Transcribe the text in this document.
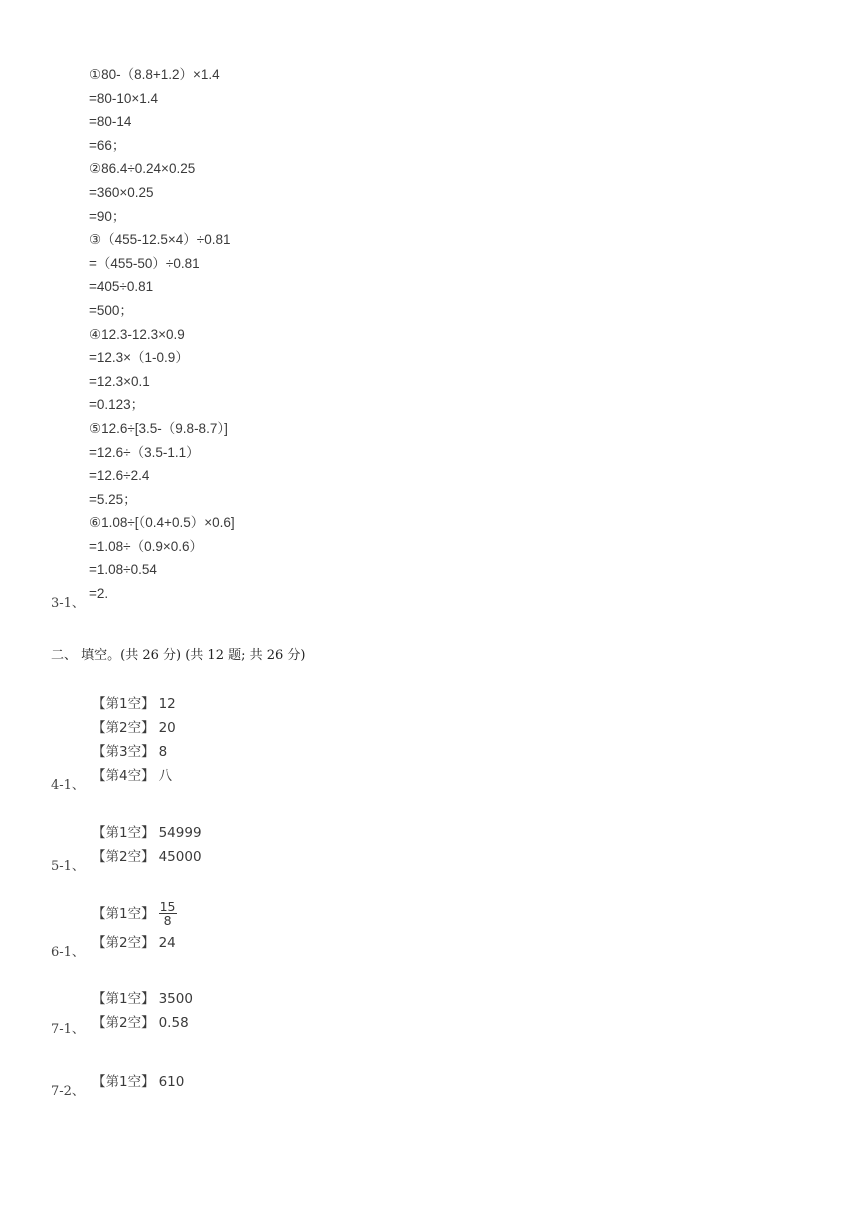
①80-（8.8+1.2）×1.4
=80-10×1.4
=80-14
=66；
②86.4÷0.24×0.25
=360×0.25
=90；
③（455-12.5×4）÷0.81
=（455-50）÷0.81
=405÷0.81
=500；
④12.3-12.3×0.9
=12.3×（1-0.9）
=12.3×0.1
=0.123；
⑤12.6÷[3.5-（9.8-8.7）]
=12.6÷（3.5-1.1）
=12.6÷2.4
=5.25；
⑥1.08÷[（0.4+0.5）×0.6]
=1.08÷（0.9×0.6）
=1.08÷0.54
=2.
3-1、
二、 填空。(共 26 分) (共 12 题; 共 26 分)
【第1空】 12
【第2空】 20
【第3空】 8
【第4空】 八
4-1、
【第1空】 54999
【第2空】 45000
5-1、
【第1空】 $\frac{15}{8}$
【第2空】 24
6-1、
【第1空】 3500
【第2空】 0.58
7-1、
【第1空】 610
7-2、
